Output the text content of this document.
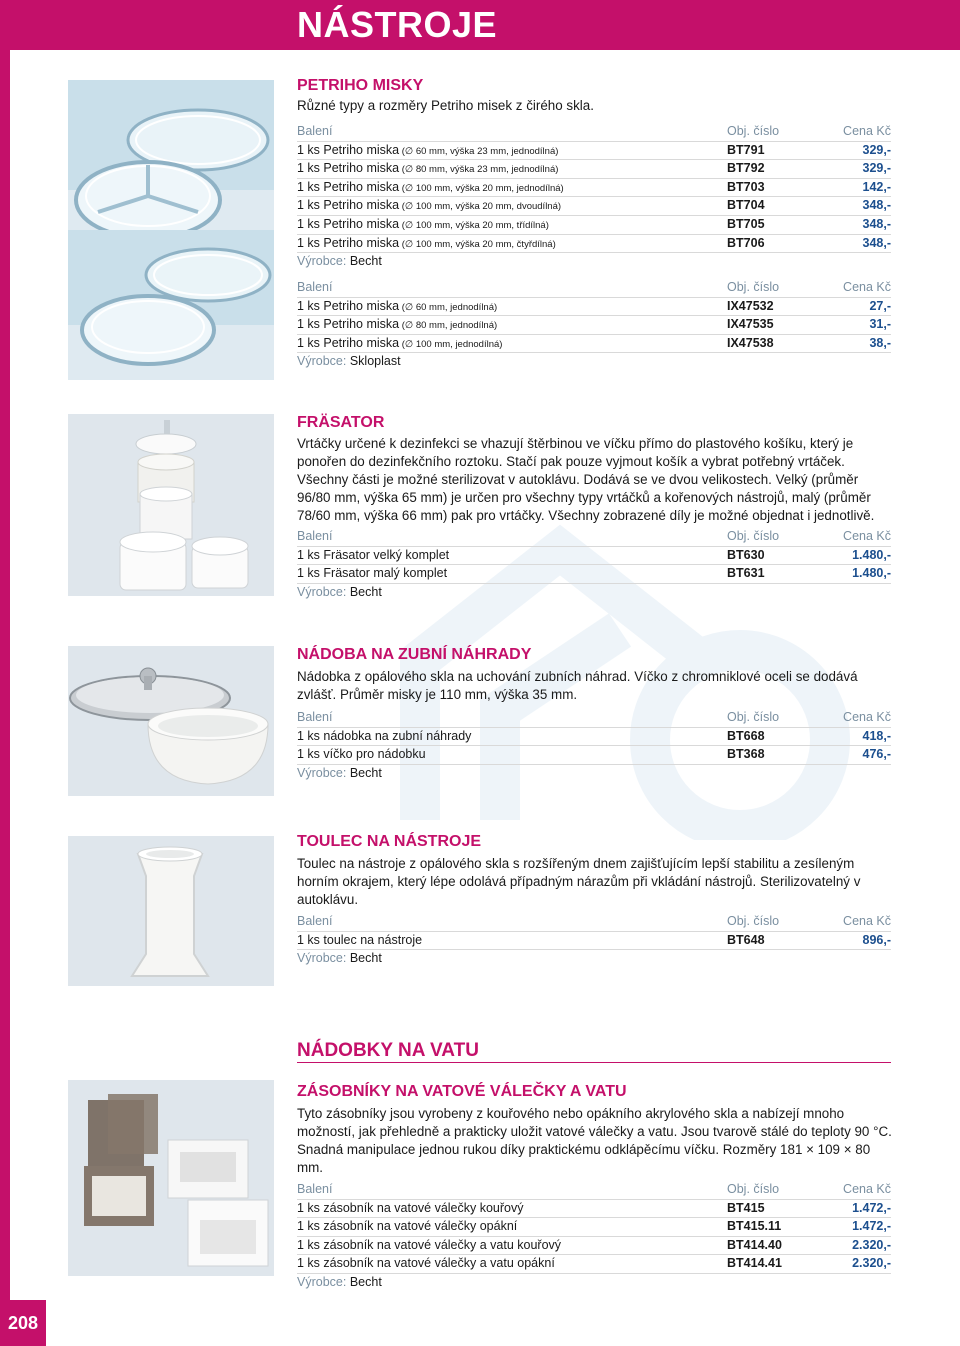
NÁSTROJE
208
PETRIHO MISKY
Různé typy a rozměry Petriho misek z čirého skla.
Balení	Obj. číslo	Cena Kč
1 ks Petriho miska (∅ 60 mm, výška 23 mm, jednodílná)	BT791	329,-
1 ks Petriho miska (∅ 80 mm, výška 23 mm, jednodílná)	BT792	329,-
1 ks Petriho miska (∅ 100 mm, výška 20 mm, jednodílná)	BT703	142,-
1 ks Petriho miska (∅ 100 mm, výška 20 mm, dvoudílná)	BT704	348,-
1 ks Petriho miska (∅ 100 mm, výška 20 mm, třídílná)	BT705	348,-
1 ks Petriho miska (∅ 100 mm, výška 20 mm, čtyřdílná)	BT706	348,-
Výrobce: Becht
Balení	Obj. číslo	Cena Kč
1 ks Petriho miska (∅ 60 mm, jednodílná)	IX47532	27,-
1 ks Petriho miska (∅ 80 mm, jednodílná)	IX47535	31,-
1 ks Petriho miska (∅ 100 mm, jednodílná)	IX47538	38,-
Výrobce: Skloplast
FRÄSATOR
Vrtáčky určené k dezinfekci se vhazují štěrbinou ve víčku přímo do plastového košíku, který je ponořen do dezinfekčního roztoku. Stačí pak pouze vyjmout košík a vybrat potřebný vrtáček. Všechny části je možné sterilizovat v autoklávu. Dodává se ve dvou velikostech. Velký (průměr 96/80 mm, výška 65 mm) je určen pro všechny typy vrtáčků a kořenových nástrojů, malý (průměr 78/60 mm, výška 66 mm) pak pro vrtáčky. Všechny zobrazené díly je možné objednat i jednotlivě.
Balení	Obj. číslo	Cena Kč
1 ks Fräsator velký komplet	BT630	1.480,-
1 ks Fräsator malý komplet	BT631	1.480,-
Výrobce: Becht
NÁDOBA NA ZUBNÍ NÁHRADY
Nádobka z opálového skla na uchování zubních náhrad. Víčko z chromniklové oceli se dodává zvlášť. Průměr misky je 110 mm, výška 35 mm.
Balení	Obj. číslo	Cena Kč
1 ks nádobka na zubní náhrady	BT668	418,-
1 ks víčko pro nádobku	BT368	476,-
Výrobce: Becht
TOULEC NA NÁSTROJE
Toulec na nástroje z opálového skla s rozšířeným dnem zajišťujícím lepší stabilitu a zesíleným horním okrajem, který lépe odolává případným nárazům při vkládání nástrojů. Sterilizovatelný v autoklávu.
Balení	Obj. číslo	Cena Kč
1 ks toulec na nástroje	BT648	896,-
Výrobce: Becht
NÁDOBKY NA VATU
ZÁSOBNÍKY NA VATOVÉ VÁLEČKY A VATU
Tyto zásobníky jsou vyrobeny z kouřového nebo opákního akrylového skla a nabízejí mnoho možností, jak přehledně a prakticky uložit vatové válečky a vatu. Jsou tvarově stálé do teploty 90 °C. Snadná manipulace jednou rukou díky praktickému odklápěcímu víčku. Rozměry 181 × 109 × 80 mm.
Balení	Obj. číslo	Cena Kč
1 ks zásobník na vatové válečky kouřový	BT415	1.472,-
1 ks zásobník na vatové válečky opákní	BT415.11	1.472,-
1 ks zásobník na vatové válečky a vatu kouřový	BT414.40	2.320,-
1 ks zásobník na vatové válečky a vatu opákní	BT414.41	2.320,-
Výrobce: Becht
